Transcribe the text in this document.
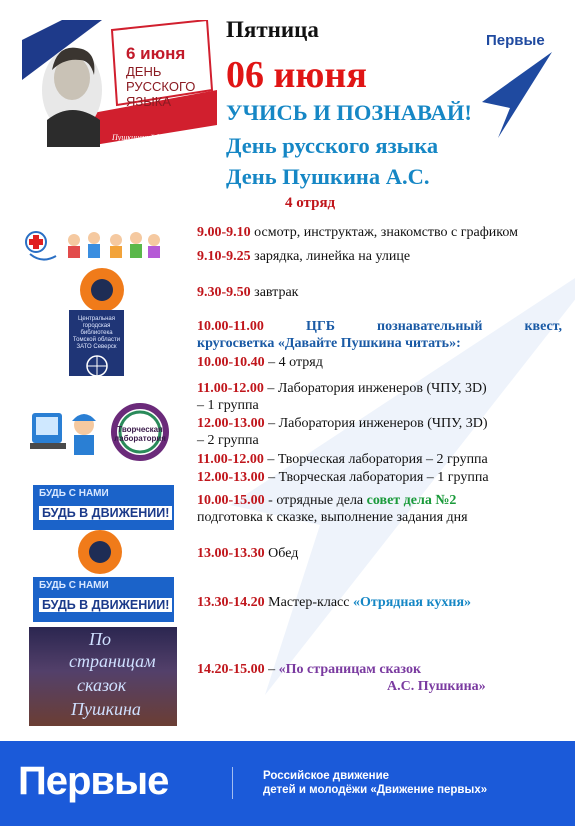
6 июня
ДЕНЬ
РУССКОГО
ЯЗЫКА
Пушкинский день России
Пятница
06 июня
УЧИСЬ И ПОЗНАВАЙ!
День русского языка
День Пушкина А.С.
4 отряд
Первые
Центральная городская библиотека Томской области ЗАТО Северск
Творческая лаборатория
БУДЬ С НАМИ
БУДЬ В ДВИЖЕНИИ!
БУДЬ С НАМИ
БУДЬ В ДВИЖЕНИИ!
По
страницам
сказок
Пушкина
9.00-9.10 осмотр, инструктаж, знакомство с графиком
9.10-9.25 зарядка, линейка на улице
9.30-9.50 завтрак
10.00-11.00	ЦГБ познавательный квест,
кругосветка «Давайте Пушкина читать»:
10.00-10.40 – 4 отряд
11.00-12.00 – Лаборатория инженеров (ЧПУ, 3D)
– 1 группа
12.00-13.00 – Лаборатория инженеров (ЧПУ, 3D)
– 2 группа
11.00-12.00 – Творческая лаборатория – 2 группа
12.00-13.00 – Творческая лаборатория – 1 группа
10.00-15.00 - отрядные дела совет дела №2
подготовка к сказке, выполнение задания дня
13.00-13.30 Обед
13.30-14.20 Мастер-класс «Отрядная кухня»
14.20-15.00 – «По страницам сказок
А.С. Пушкина»
Первые	Российское движение
детей и молодёжи «Движение первых»
